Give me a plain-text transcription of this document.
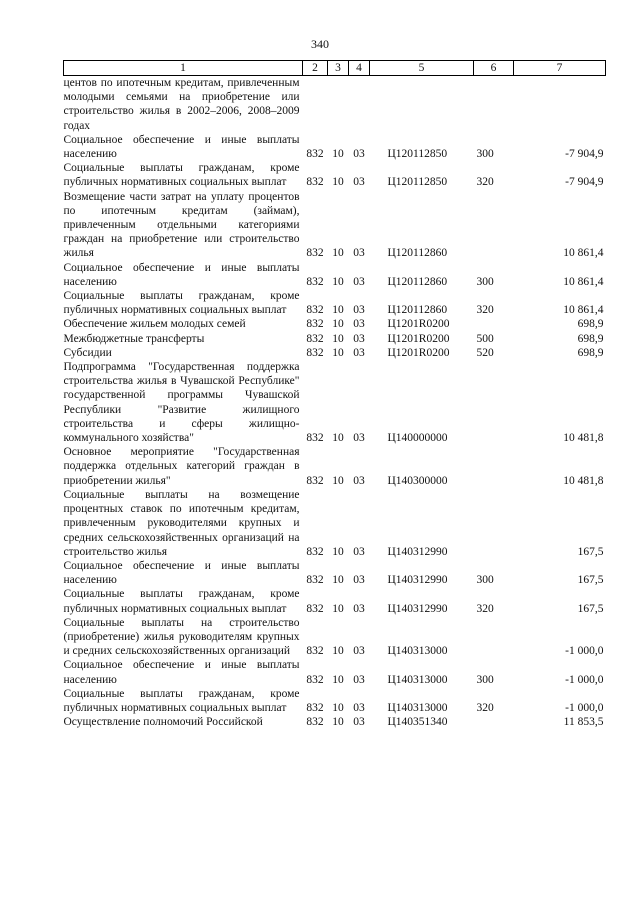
340
1	2	3	4	5	6	7
центов по ипотечным кредитам, привлеченным молодыми семьями на приобретение или строительство жилья в 2002–2006, 2008–2009 годах						
Социальное обеспечение и иные выплаты населению	832	10	03	Ц120112850	300	-7 904,9
Социальные выплаты гражданам, кроме публичных нормативных социальных выплат	832	10	03	Ц120112850	320	-7 904,9
Возмещение части затрат на уплату процентов по ипотечным кредитам (займам), привлеченным отдельными категориями граждан на приобретение или строительство жилья	832	10	03	Ц120112860		10 861,4
Социальное обеспечение и иные выплаты населению	832	10	03	Ц120112860	300	10 861,4
Социальные выплаты гражданам, кроме публичных нормативных социальных выплат	832	10	03	Ц120112860	320	10 861,4
Обеспечение жильем молодых семей	832	10	03	Ц1201R0200		698,9
Межбюджетные трансферты	832	10	03	Ц1201R0200	500	698,9
Субсидии	832	10	03	Ц1201R0200	520	698,9
Подпрограмма "Государственная поддержка строительства жилья в Чувашской Республике" государственной программы Чувашской Республики "Развитие жилищного строительства и сферы жилищно-коммунального хозяйства"	832	10	03	Ц140000000		10 481,8
Основное мероприятие "Государственная поддержка отдельных категорий граждан в приобретении жилья"	832	10	03	Ц140300000		10 481,8
Социальные выплаты на возмещение процентных ставок по ипотечным кредитам, привлеченным руководителями крупных и средних сельскохозяйственных организаций на строительство жилья	832	10	03	Ц140312990		167,5
Социальное обеспечение и иные выплаты населению	832	10	03	Ц140312990	300	167,5
Социальные выплаты гражданам, кроме публичных нормативных социальных выплат	832	10	03	Ц140312990	320	167,5
Социальные выплаты на строительство (приобретение) жилья руководителям крупных и средних сельскохозяйственных организаций	832	10	03	Ц140313000		-1 000,0
Социальное обеспечение и иные выплаты населению	832	10	03	Ц140313000	300	-1 000,0
Социальные выплаты гражданам, кроме публичных нормативных социальных выплат	832	10	03	Ц140313000	320	-1 000,0
Осуществление полномочий Российской	832	10	03	Ц140351340		11 853,5
